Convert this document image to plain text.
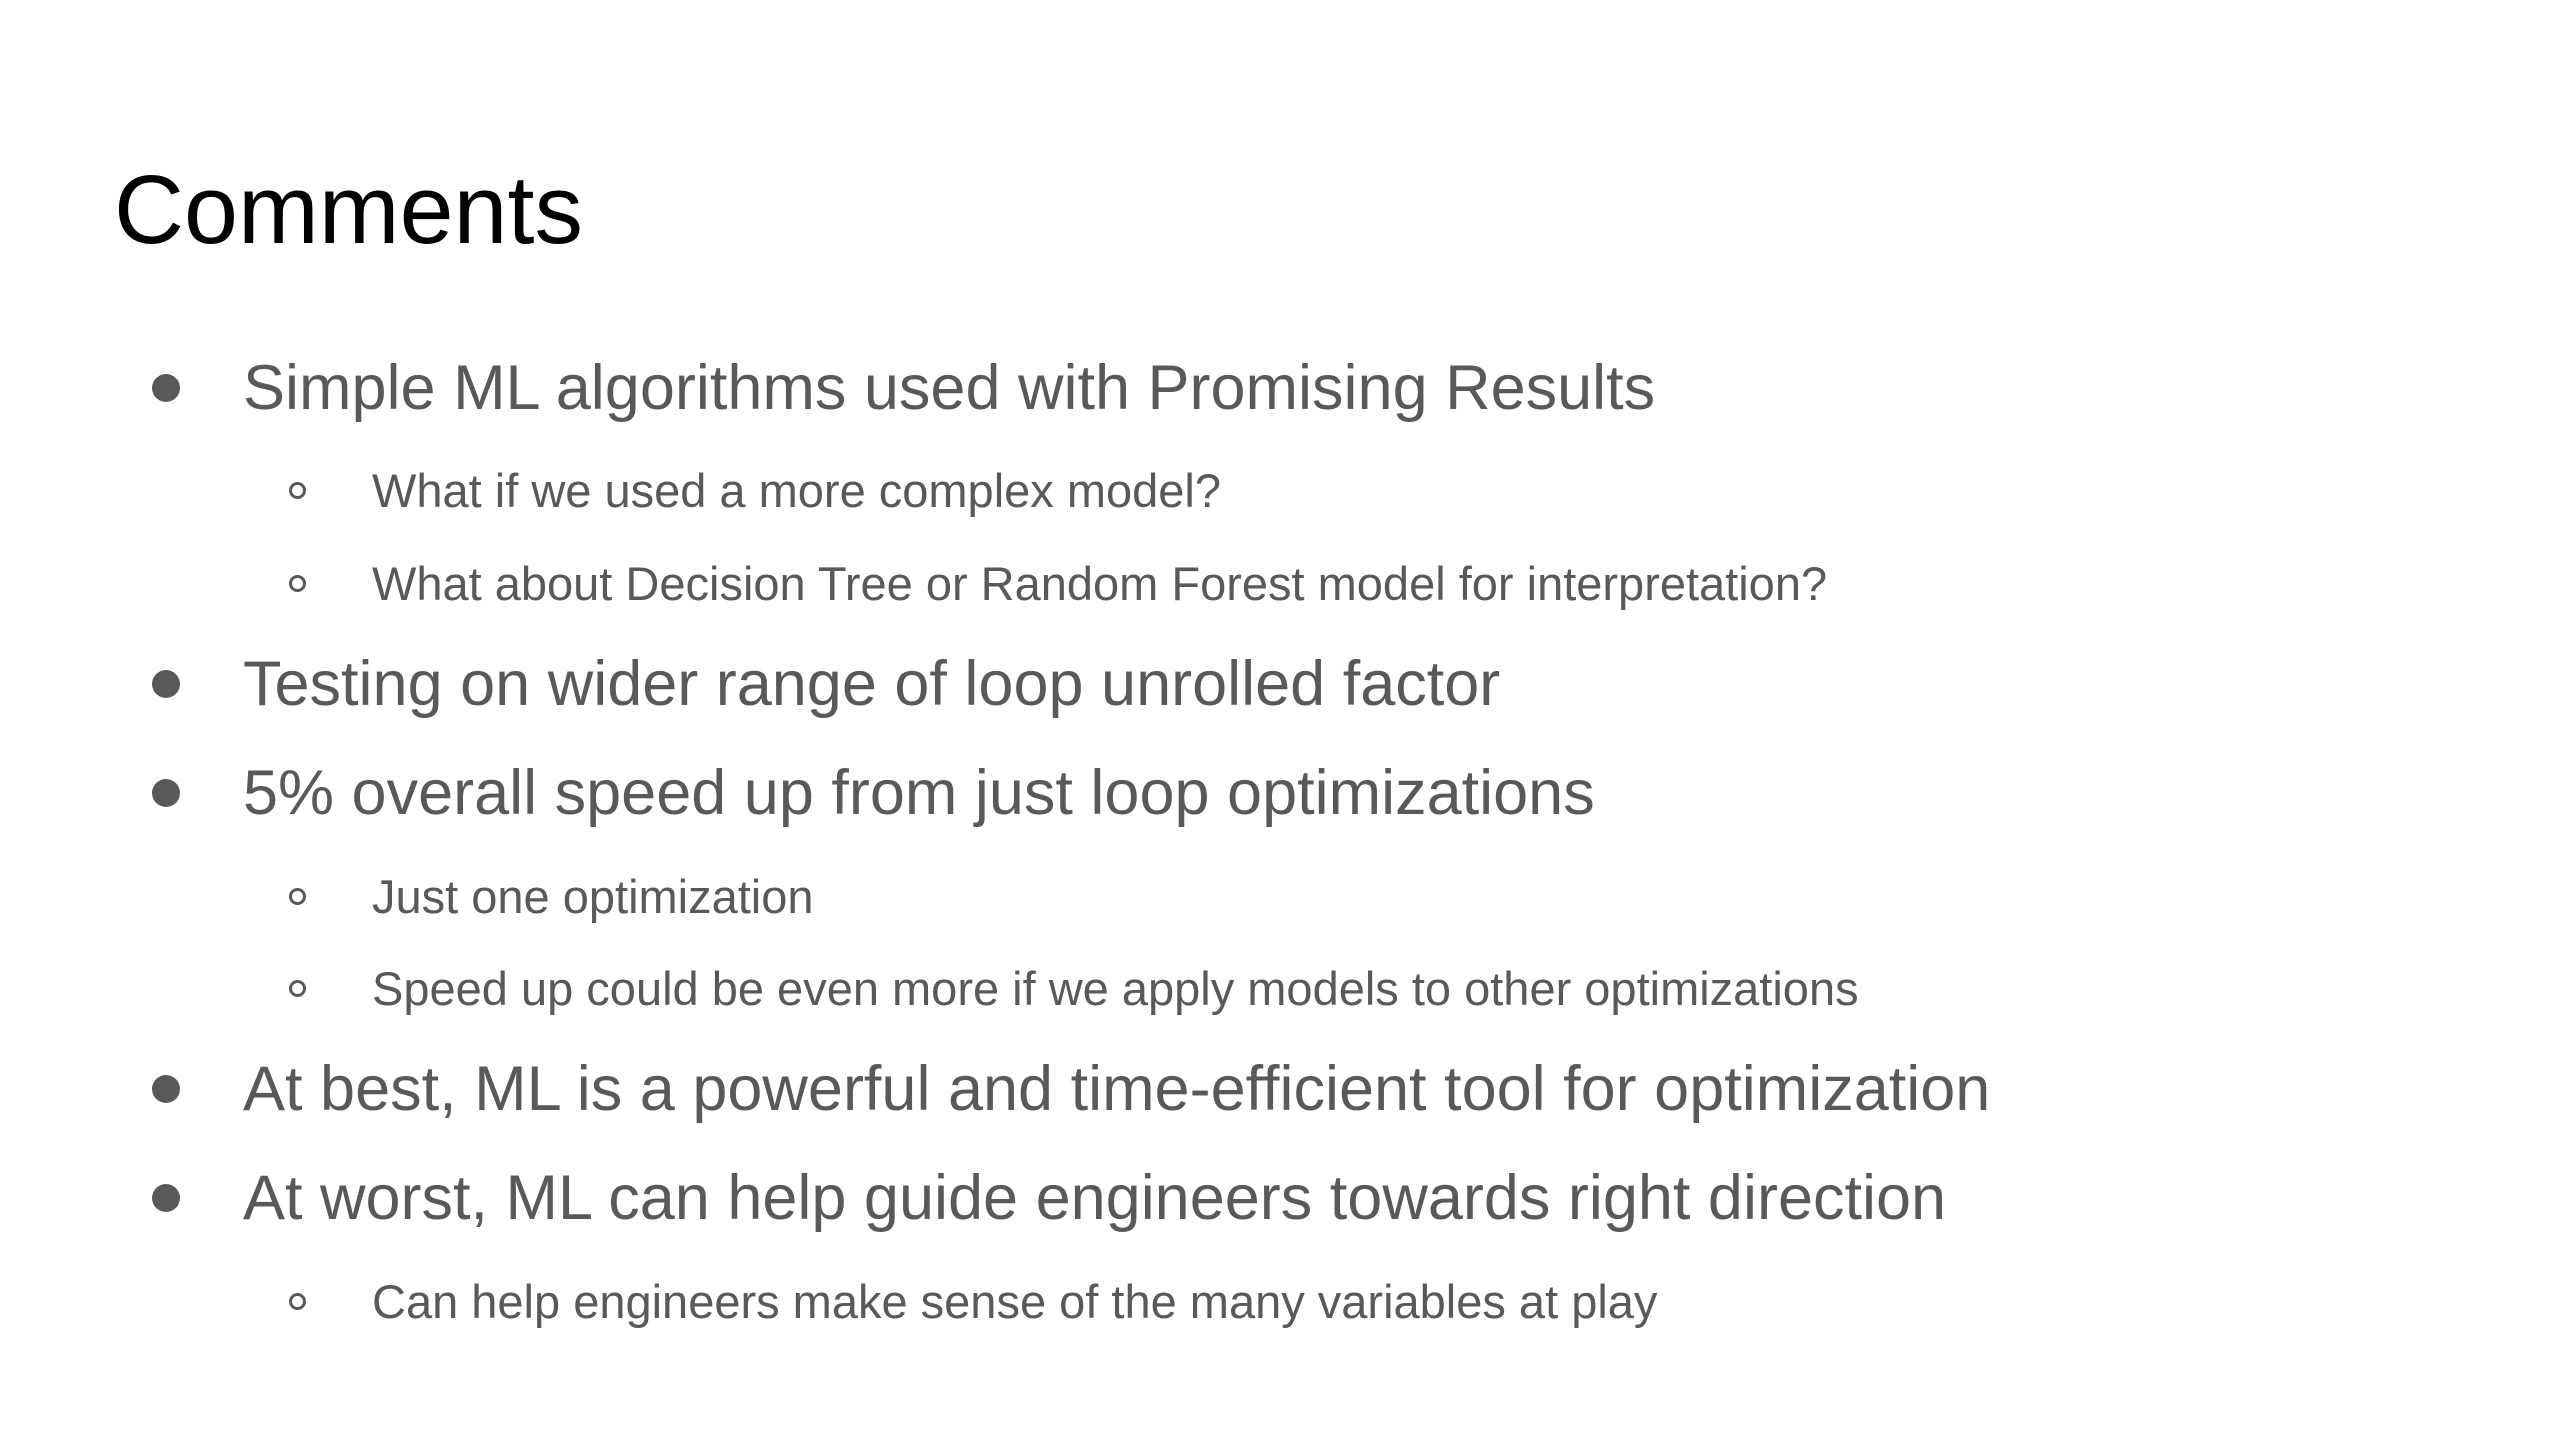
Comments
Simple ML algorithms used with Promising Results
What if we used a more complex model?
What about Decision Tree or Random Forest model for interpretation?
Testing on wider range of loop unrolled factor
5% overall speed up from just loop optimizations
Just one optimization
Speed up could be even more if we apply models to other optimizations
At best, ML is a powerful and time-efficient tool for optimization
At worst, ML can help guide engineers towards right direction
Can help engineers make sense of the many variables at play
